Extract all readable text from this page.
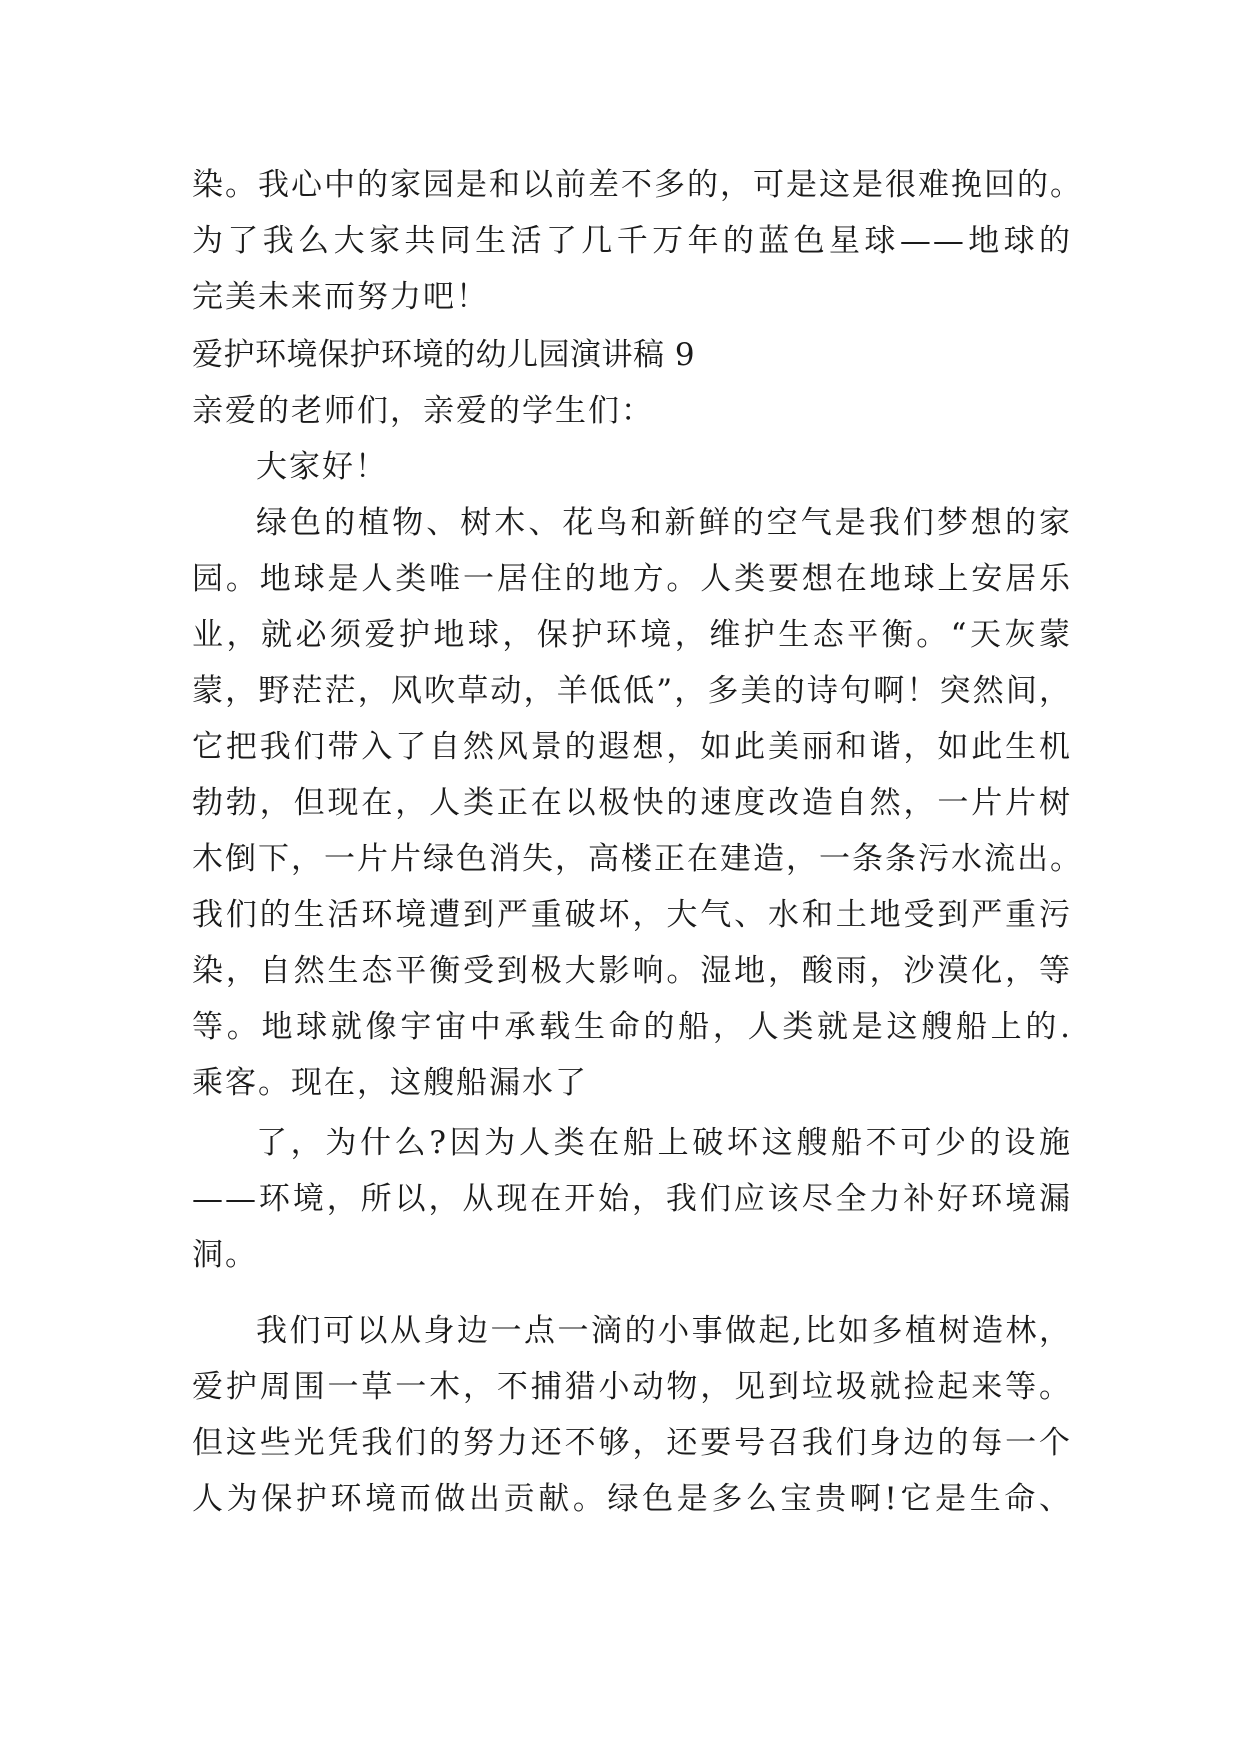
染。我心中的家园是和以前差不多的，可是这是很难挽回的。
为了我么大家共同生活了几千万年的蓝色星球——地球的
完美未来而努力吧！
爱护环境保护环境的幼儿园演讲稿 9
亲爱的老师们，亲爱的学生们：
大家好！
绿色的植物、树木、花鸟和新鲜的空气是我们梦想的家
园。地球是人类唯一居住的地方。人类要想在地球上安居乐
业，就必须爱护地球，保护环境，维护生态平衡。“天灰蒙
蒙，野茫茫，风吹草动，羊低低”，多美的诗句啊！突然间，
它把我们带入了自然风景的遐想，如此美丽和谐，如此生机
勃勃，但现在，人类正在以极快的速度改造自然，一片片树
木倒下，一片片绿色消失，高楼正在建造，一条条污水流出。
我们的生活环境遭到严重破坏，大气、水和土地受到严重污
染，自然生态平衡受到极大影响。湿地，酸雨，沙漠化，等
等。地球就像宇宙中承载生命的船，人类就是这艘船上的.
乘客。现在，这艘船漏水了
了，为什么?因为人类在船上破坏这艘船不可少的设施
——环境，所以，从现在开始，我们应该尽全力补好环境漏
洞。
我们可以从身边一点一滴的小事做起,比如多植树造林，
爱护周围一草一木，不捕猎小动物，见到垃圾就捡起来等。
但这些光凭我们的努力还不够，还要号召我们身边的每一个
人为保护环境而做出贡献。绿色是多么宝贵啊!它是生命、
